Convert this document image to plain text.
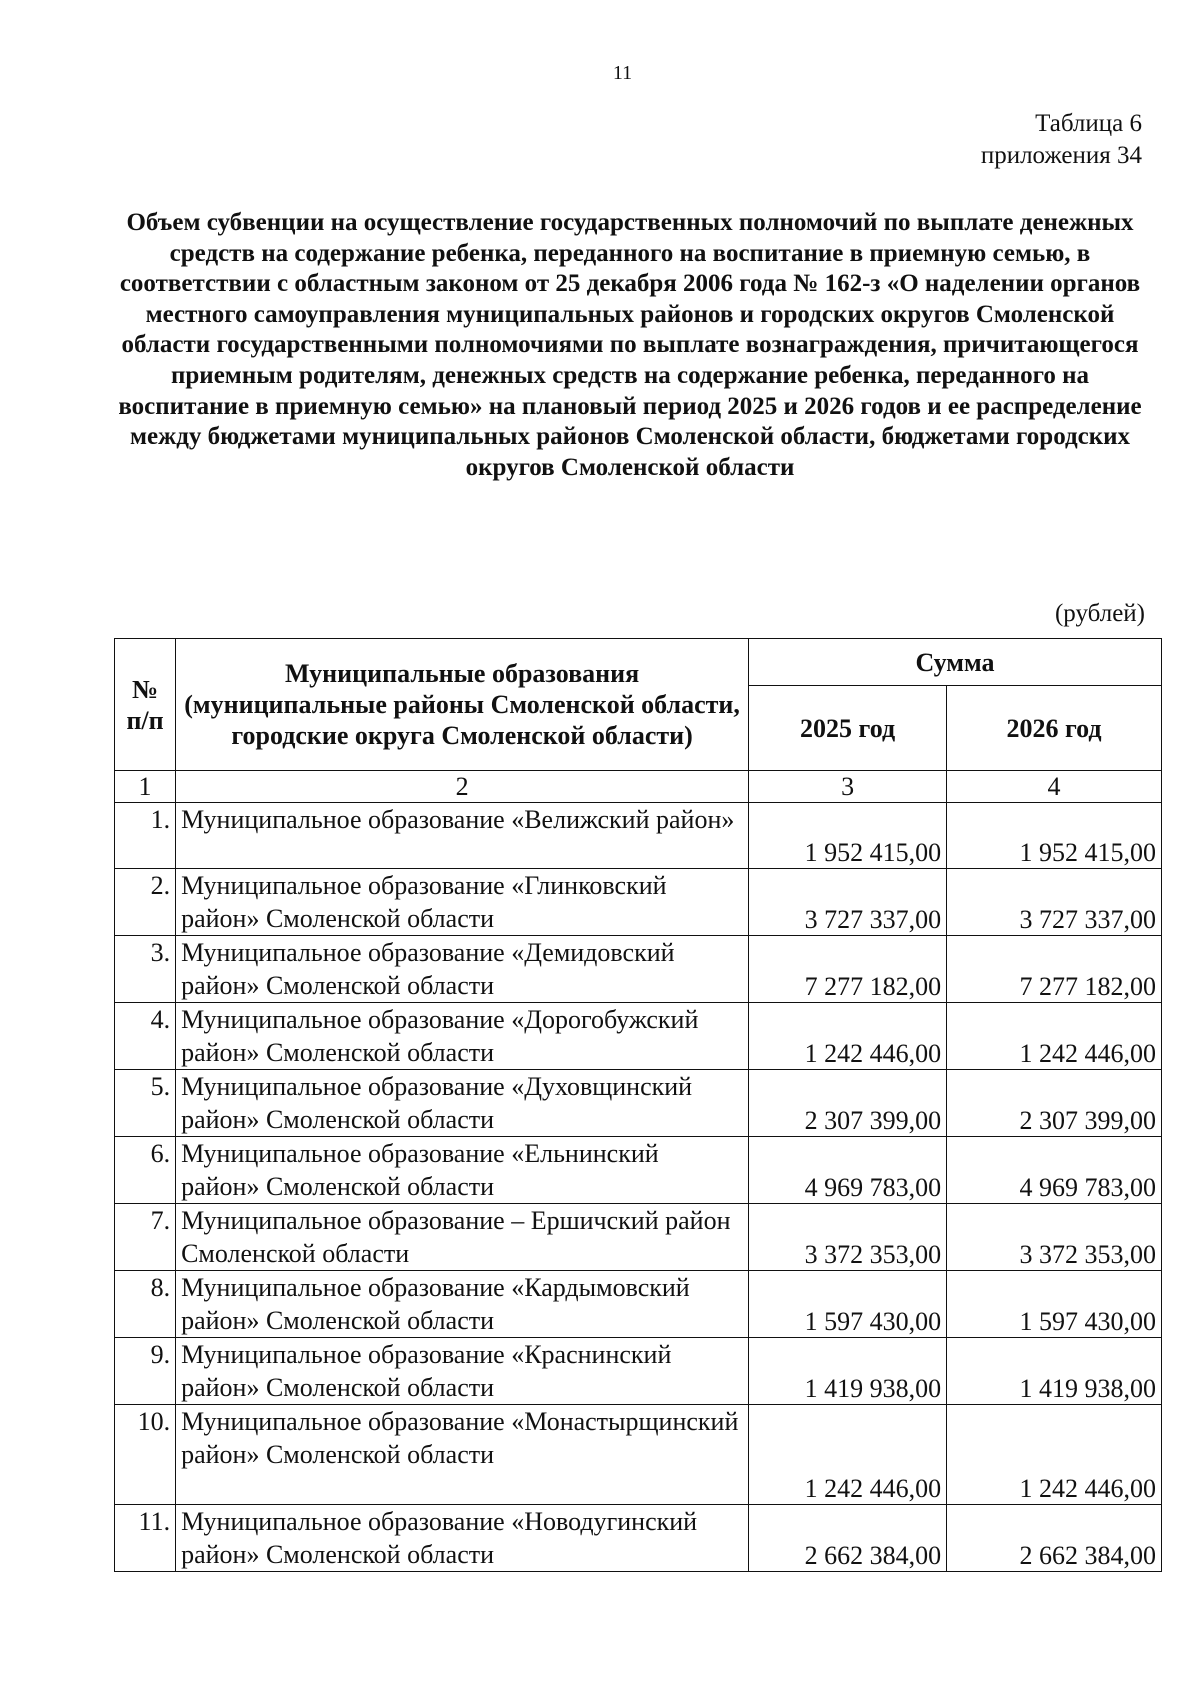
11
Таблица 6
приложения 34

Объем субвенции на осуществление государственных полномочий по выплате денежных средств на содержание ребенка, переданного на воспитание в приемную семью, в соответствии с областным законом от 25 декабря 2006 года № 162-з «О наделении органов местного самоуправления муниципальных районов и городских округов Смоленской области государственными полномочиями по выплате вознаграждения, причитающегося приемным родителям, денежных средств на содержание ребенка, переданного на воспитание в приемную семью» на плановый период 2025 и 2026 годов и ее распределение между бюджетами муниципальных районов Смоленской области, бюджетами городских округов Смоленской области

(рублей)
№ п/п	Муниципальные образования (муниципальные районы Смоленской области, городские округа Смоленской области)	Сумма	
		2025 год	2026 год
1	2	3	4
1.	Муниципальное образование «Велижский район»	1 952 415,00	1 952 415,00
2.	Муниципальное образование «Глинковский район» Смоленской области	3 727 337,00	3 727 337,00
3.	Муниципальное образование «Демидовский район» Смоленской области	7 277 182,00	7 277 182,00
4.	Муниципальное образование «Дорогобужский район» Смоленской области	1 242 446,00	1 242 446,00
5.	Муниципальное образование «Духовщинский район» Смоленской области	2 307 399,00	2 307 399,00
6.	Муниципальное образование «Ельнинский район» Смоленской области	4 969 783,00	4 969 783,00
7.	Муниципальное образование – Ершичский район Смоленской области	3 372 353,00	3 372 353,00
8.	Муниципальное образование «Кардымовский район» Смоленской области	1 597 430,00	1 597 430,00
9.	Муниципальное образование «Краснинский район» Смоленской области	1 419 938,00	1 419 938,00
10.	Муниципальное образование «Монастырщинский район» Смоленской области	1 242 446,00	1 242 446,00
11.	Муниципальное образование «Новодугинский район» Смоленской области	2 662 384,00	2 662 384,00
